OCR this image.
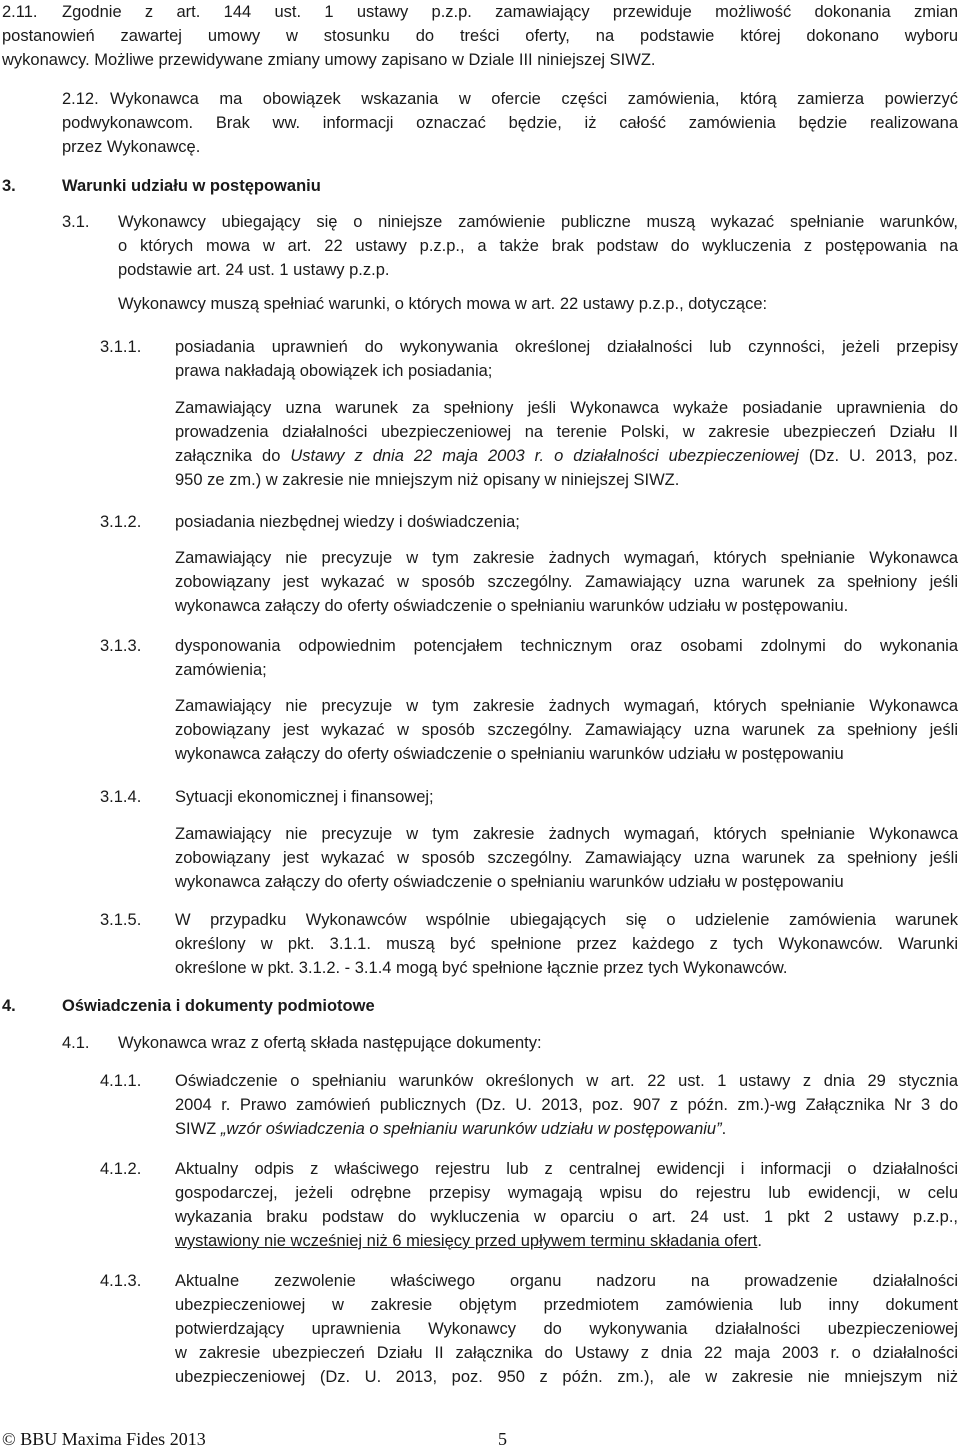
2.11. Zgodnie z art. 144 ust. 1 ustawy p.z.p. zamawiający przewiduje możliwość dokonania zmian
postanowień zawartej umowy w stosunku do treści oferty, na podstawie której dokonano wyboru
wykonawcy. Możliwe przewidywane zmiany umowy zapisano w Dziale III niniejszej SIWZ.
2.12. Wykonawca ma obowiązek wskazania w ofercie części zamówienia, którą zamierza powierzyć
podwykonawcom. Brak ww. informacji oznaczać będzie, iż całość zamówienia będzie realizowana
przez Wykonawcę.
3.	Warunki udziału w postępowaniu
3.1. Wykonawcy ubiegający się o niniejsze zamówienie publiczne muszą wykazać spełnianie warunków,
o których mowa w art. 22 ustawy p.z.p., a także brak podstaw do wykluczenia z postępowania na
podstawie art. 24 ust. 1 ustawy p.z.p.
Wykonawcy muszą spełniać warunki, o których mowa w art. 22 ustawy p.z.p., dotyczące:
3.1.1. posiadania uprawnień do wykonywania określonej działalności lub czynności, jeżeli przepisy
prawa nakładają obowiązek ich posiadania;
Zamawiający uzna warunek za spełniony jeśli Wykonawca wykaże posiadanie uprawnienia do
prowadzenia działalności ubezpieczeniowej na terenie Polski, w zakresie ubezpieczeń Działu II
załącznika do Ustawy z dnia 22 maja 2003 r. o działalności ubezpieczeniowej (Dz. U. 2013, poz.
950 ze zm.) w zakresie nie mniejszym niż opisany w niniejszej SIWZ.
3.1.2. posiadania niezbędnej wiedzy i doświadczenia;
Zamawiający nie precyzuje w tym zakresie żadnych wymagań, których spełnianie Wykonawca
zobowiązany jest wykazać w sposób szczególny. Zamawiający uzna warunek za spełniony jeśli
wykonawca załączy do oferty oświadczenie o spełnianiu warunków udziału w postępowaniu.
3.1.3. dysponowania odpowiednim potencjałem technicznym oraz osobami zdolnymi do wykonania
zamówienia;
Zamawiający nie precyzuje w tym zakresie żadnych wymagań, których spełnianie Wykonawca
zobowiązany jest wykazać w sposób szczególny. Zamawiający uzna warunek za spełniony jeśli
wykonawca załączy do oferty oświadczenie o spełnianiu warunków udziału w postępowaniu
3.1.4. Sytuacji ekonomicznej i finansowej;
Zamawiający nie precyzuje w tym zakresie żadnych wymagań, których spełnianie Wykonawca
zobowiązany jest wykazać w sposób szczególny. Zamawiający uzna warunek za spełniony jeśli
wykonawca załączy do oferty oświadczenie o spełnianiu warunków udziału w postępowaniu
3.1.5. W przypadku Wykonawców wspólnie ubiegających się o udzielenie zamówienia warunek
określony w pkt. 3.1.1. muszą być spełnione przez każdego z tych Wykonawców. Warunki
określone w pkt. 3.1.2. - 3.1.4 mogą być spełnione łącznie przez tych Wykonawców.
4.	Oświadczenia i dokumenty podmiotowe
4.1. Wykonawca wraz z ofertą składa następujące dokumenty:
4.1.1. Oświadczenie o spełnianiu warunków określonych w art. 22 ust. 1 ustawy z dnia 29 stycznia
2004 r. Prawo zamówień publicznych (Dz. U. 2013, poz. 907 z późn. zm.)-wg Załącznika Nr 3 do
SIWZ „wzór oświadczenia o spełnianiu warunków udziału w postępowaniu”.
4.1.2. Aktualny odpis z właściwego rejestru lub z centralnej ewidencji i informacji o działalności
gospodarczej, jeżeli odrębne przepisy wymagają wpisu do rejestru lub ewidencji, w celu
wykazania braku podstaw do wykluczenia w oparciu o art. 24 ust. 1 pkt 2 ustawy p.z.p.,
wystawiony nie wcześniej niż 6 miesięcy przed upływem terminu składania ofert.
4.1.3. Aktualne zezwolenie właściwego organu nadzoru na prowadzenie działalności
ubezpieczeniowej w zakresie objętym przedmiotem zamówienia lub inny dokument
potwierdzający uprawnienia Wykonawcy do wykonywania działalności ubezpieczeniowej
w zakresie ubezpieczeń Działu II załącznika do Ustawy z dnia 22 maja 2003 r. o działalności
ubezpieczeniowej (Dz. U. 2013, poz. 950 z późn. zm.), ale w zakresie nie mniejszym niż
© BBU Maxima Fides 2013	5
